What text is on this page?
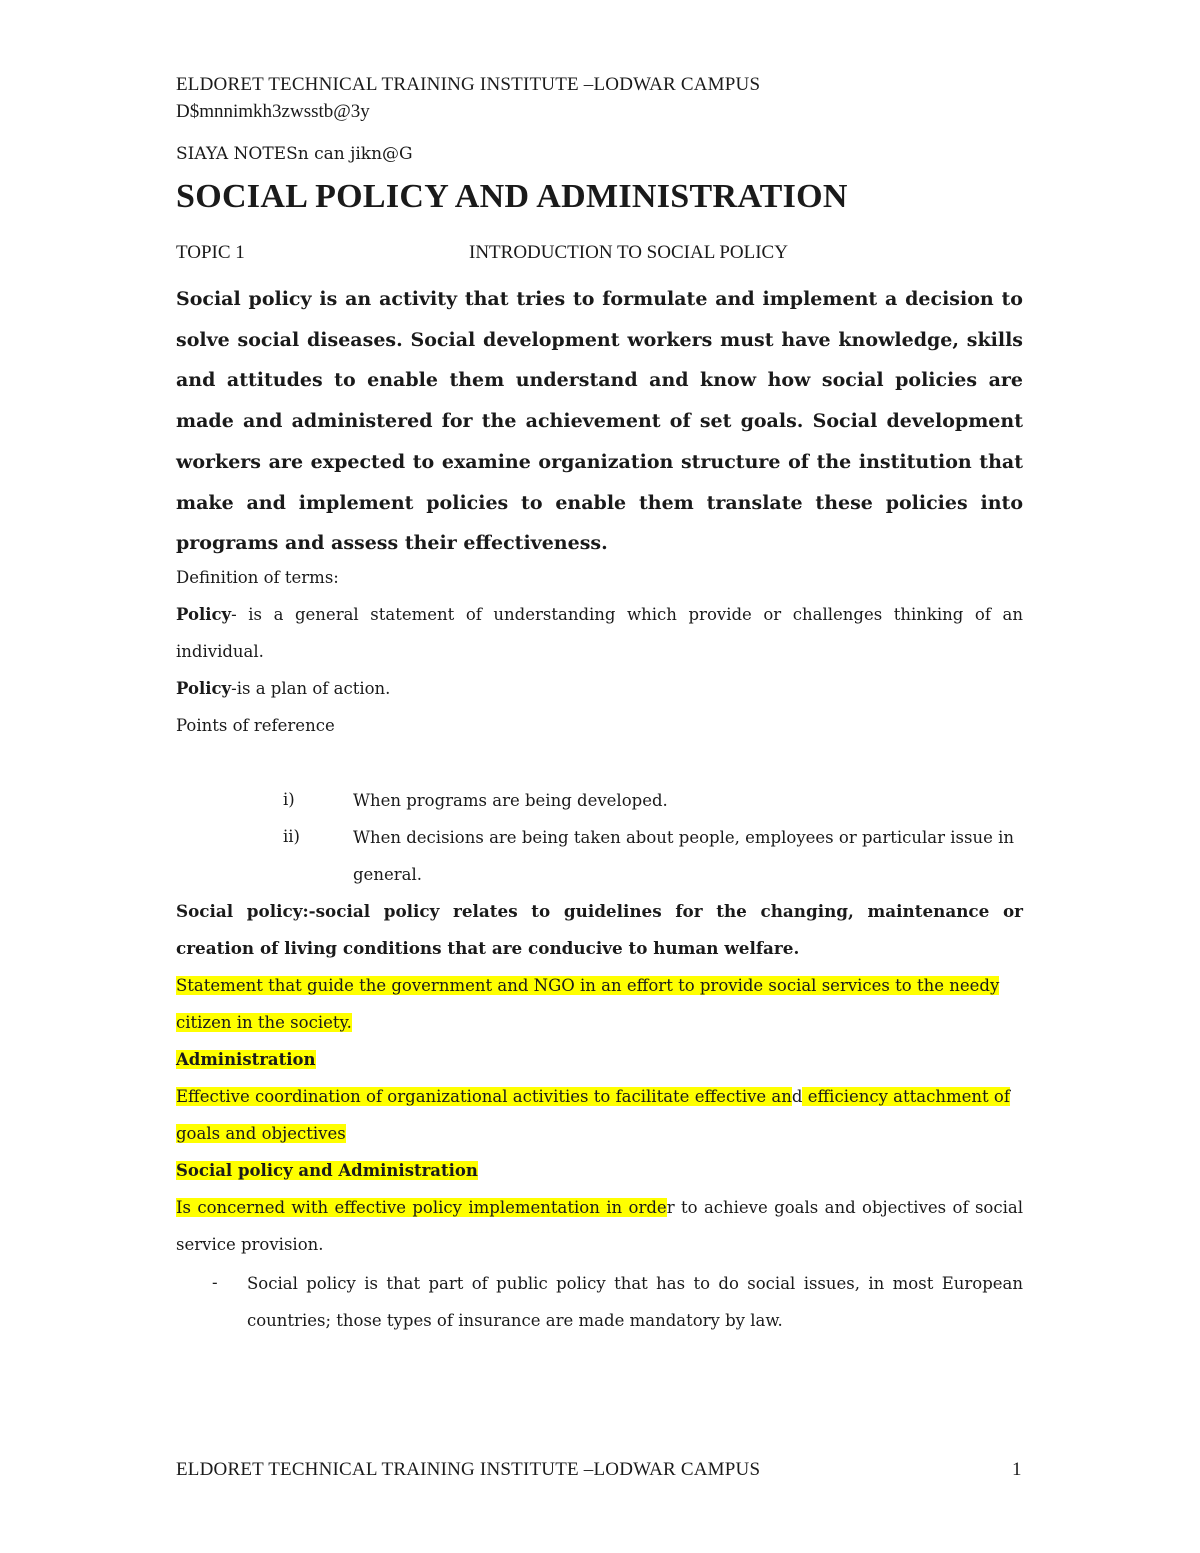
ELDORET TECHNICAL TRAINING INSTITUTE –LODWAR CAMPUS
D$mnnimkh3zwsstb@3y
SIAYA NOTESn can jikn@G
SOCIAL POLICY AND ADMINISTRATION
TOPIC 1	INTRODUCTION TO SOCIAL POLICY
Social policy is an activity that tries to formulate and implement a decision to solve social diseases. Social development workers must have knowledge, skills and attitudes to enable them understand and know how social policies are made and administered for the achievement of set goals. Social development workers are expected to examine organization structure of the institution that make and implement policies to enable them translate these policies into programs and assess their effectiveness.
Definition of terms:
Policy- is a general statement of understanding which provide or challenges thinking of an individual.
Policy-is a plan of action.
Points of reference
i)	When programs are being developed.
ii)	When decisions are being taken about people, employees or particular issue in general.
Social policy:-social policy relates to guidelines for the changing, maintenance or creation of living conditions that are conducive to human welfare.
Statement that guide the government and NGO in an effort to provide social services to the needy citizen in the society.
Administration
Effective coordination of organizational activities to facilitate effective and efficiency attachment of goals and objectives
Social policy and Administration
Is concerned with effective policy implementation in order to achieve goals and objectives of social service provision.
- Social policy is that part of public policy that has to do social issues, in most European countries; those types of insurance are made mandatory by law.
ELDORET TECHNICAL TRAINING INSTITUTE –LODWAR CAMPUS	1
